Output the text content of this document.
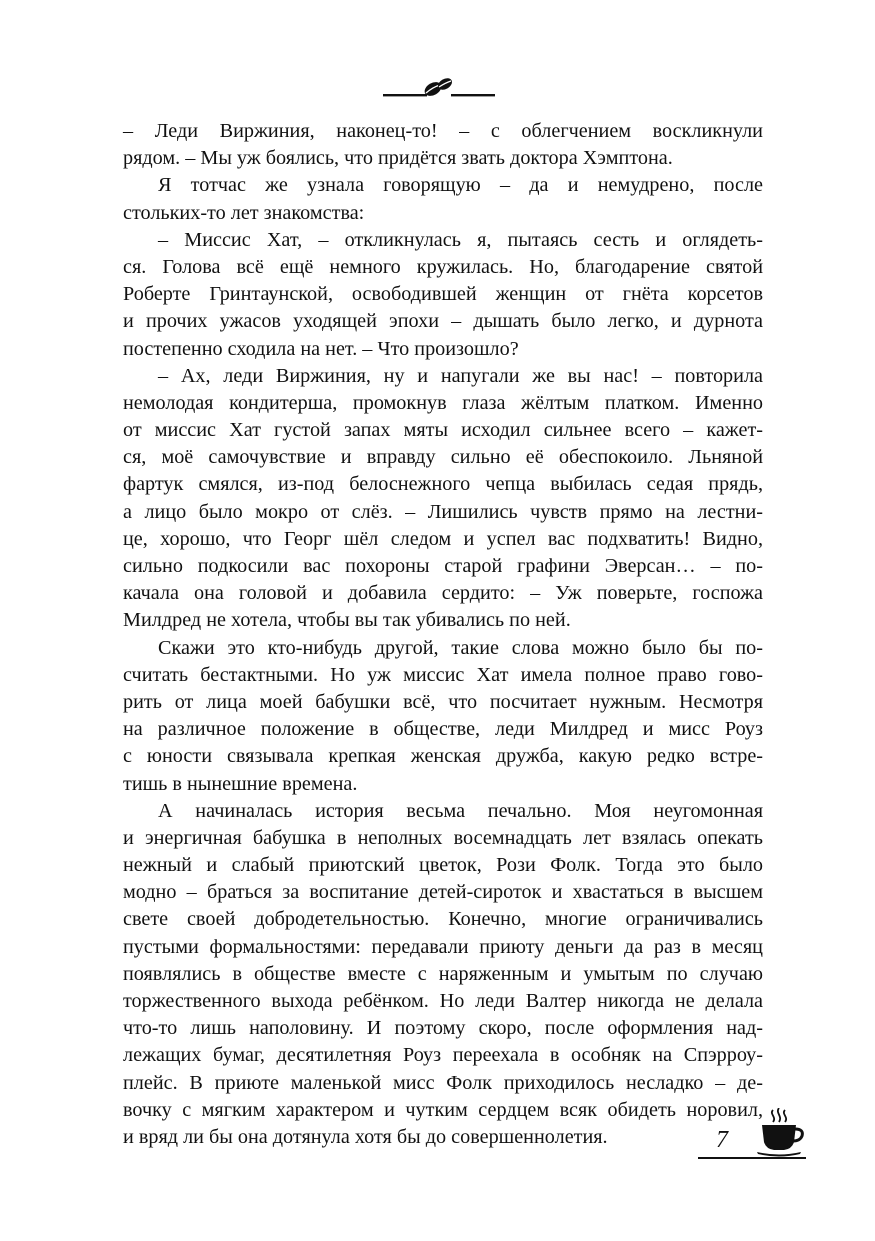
– Леди Виржиния, наконец-то! – с облегчением воскликнули
рядом. – Мы уж боялись, что придётся звать доктора Хэмптона.
Я тотчас же узнала говорящую – да и немудрено, после
стольких-то лет знакомства:
– Миссис Хат, – откликнулась я, пытаясь сесть и оглядеть-
ся. Голова всё ещё немного кружилась. Но, благодарение святой
Роберте Гринтаунской, освободившей женщин от гнёта корсетов
и прочих ужасов уходящей эпохи – дышать было легко, и дурнота
постепенно сходила на нет. – Что произошло?
– Ах, леди Виржиния, ну и напугали же вы нас! – повторила
немолодая кондитерша, промокнув глаза жёлтым платком. Именно
от миссис Хат густой запах мяты исходил сильнее всего – кажет-
ся, моё самочувствие и вправду сильно её обеспокоило. Льняной
фартук смялся, из-под белоснежного чепца выбилась седая прядь,
а лицо было мокро от слёз. – Лишились чувств прямо на лестни-
це, хорошо, что Георг шёл следом и успел вас подхватить! Видно,
сильно подкосили вас похороны старой графини Эверсан… – по-
качала она головой и добавила сердито: – Уж поверьте, госпожа
Милдред не хотела, чтобы вы так убивались по ней.
Скажи это кто-нибудь другой, такие слова можно было бы по-
считать бестактными. Но уж миссис Хат имела полное право гово-
рить от лица моей бабушки всё, что посчитает нужным. Несмотря
на различное положение в обществе, леди Милдред и мисс Роуз
с юности связывала крепкая женская дружба, какую редко встре-
тишь в нынешние времена.
А начиналась история весьма печально. Моя неугомонная
и энергичная бабушка в неполных восемнадцать лет взялась опекать
нежный и слабый приютский цветок, Рози Фолк. Тогда это было
модно – браться за воспитание детей-сироток и хвастаться в высшем
свете своей добродетельностью. Конечно, многие ограничивались
пустыми формальностями: передавали приюту деньги да раз в месяц
появлялись в обществе вместе с наряженным и умытым по случаю
торжественного выхода ребёнком. Но леди Валтер никогда не делала
что-то лишь наполовину. И поэтому скоро, после оформления над-
лежащих бумаг, десятилетняя Роуз переехала в особняк на Спэрроу-
плейс. В приюте маленькой мисс Фолк приходилось несладко – де-
вочку с мягким характером и чутким сердцем всяк обидеть норовил,
и вряд ли бы она дотянула хотя бы до совершеннолетия.	7
